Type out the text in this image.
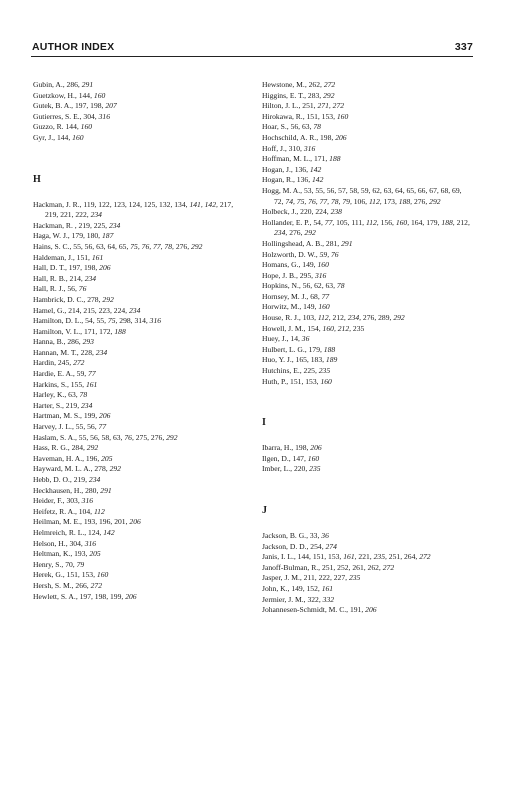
AUTHOR INDEX	337

Gubin, A., 286, 291

Guetzkow, H., 144, 160

Gutek, B. A., 197, 198, 207

Gutierres, S. E., 304, 316

Guzzo, R. 144, 160

Gyr, J., 144, 160

H

Hackman, J. R., 119, 122, 123, 124, 125, 132, 134, 141, 142, 217, 219, 221, 222, 234

Hackman, R. , 219, 225, 234

Haga, W. J., 179, 180, 187

Hains, S. C., 55, 56, 63, 64, 65, 75, 76, 77, 78, 276, 292

Haldeman, J., 151, 161

Hall, D. T., 197, 198, 206

Hall, R. B., 214, 234

Hall, R. J., 56, 76

Hambrick, D. C., 278, 292

Hamel, G., 214, 215, 223, 224, 234

Hamilton, D. L., 54, 55, 75, 298, 314, 316

Hamilton, V. L., 171, 172, 188

Hanna, B., 286, 293

Hannan, M. T., 228, 234

Hardin, 245, 272

Hardie, E. A., 59, 77

Harkins, S., 155, 161

Harley, K., 63, 78

Harter, S., 219, 234

Hartman, M. S., 199, 206

Harvey, J. L., 55, 56, 77

Haslam, S. A., 55, 56, 58, 63, 76, 275, 276, 292

Hass, R. G., 284, 292

Haveman, H. A., 196, 205

Hayward, M. L. A., 278, 292

Hebb, D. O., 219, 234

Heckhausen, H., 280, 291

Heider, F., 303, 316

Heifetz, R. A., 104, 112

Heilman, M. E., 193, 196, 201, 206

Helmreich, R. L., 124, 142

Helson, H., 304, 316

Heltman, K., 193, 205

Henry, S., 70, 79

Herek, G., 151, 153, 160

Hersh, S. M., 266, 272

Hewlett, S. A., 197, 198, 199, 206

Hewstone, M., 262, 272

Higgins, E. T., 283, 292

Hilton, J. L., 251, 271, 272

Hirokawa, R., 151, 153, 160

Hoar, S., 56, 63, 78

Hochschild, A. R., 198, 206

Hoff, J., 310, 316

Hoffman, M. L., 171, 188

Hogan, J., 136, 142

Hogan, R., 136, 142

Hogg, M. A., 53, 55, 56, 57, 58, 59, 62, 63, 64, 65, 66, 67, 68, 69, 72, 74, 75, 76, 77, 78, 79, 106, 112, 173, 188, 276, 292

Holbeck, J., 220, 224, 238

Hollander, E. P., 54, 77, 105, 111, 112, 156, 160, 164, 179, 188, 212, 234, 276, 292

Hollingshead, A. B., 281, 291

Holzworth, D. W., 59, 76

Homans, G., 149, 160

Hope, J. B., 295, 316

Hopkins, N., 56, 62, 63, 78

Hornsey, M. J., 68, 77

Horwitz, M., 149, 160

House, R. J., 103, 112, 212, 234, 276, 289, 292

Howell, J. M., 154, 160, 212, 235

Huey, J., 14, 36

Hulbert, L. G., 179, 188

Huo, Y. J., 165, 183, 189

Hutchins, E., 225, 235

Huth, P., 151, 153, 160

I

Ibarra, H., 198, 206

Ilgen, D., 147, 160

Imber, L., 220, 235

J

Jackson, B. G., 33, 36

Jackson, D. D., 254, 274

Janis, I. L., 144, 151, 153, 161, 221, 235, 251, 264, 272

Janoff-Bulman, R., 251, 252, 261, 262, 272

Jasper, J. M., 211, 222, 227, 235

John, K., 149, 152, 161

Jermier, J. M., 322, 332

Johannesen-Schmidt, M. C., 191, 206
